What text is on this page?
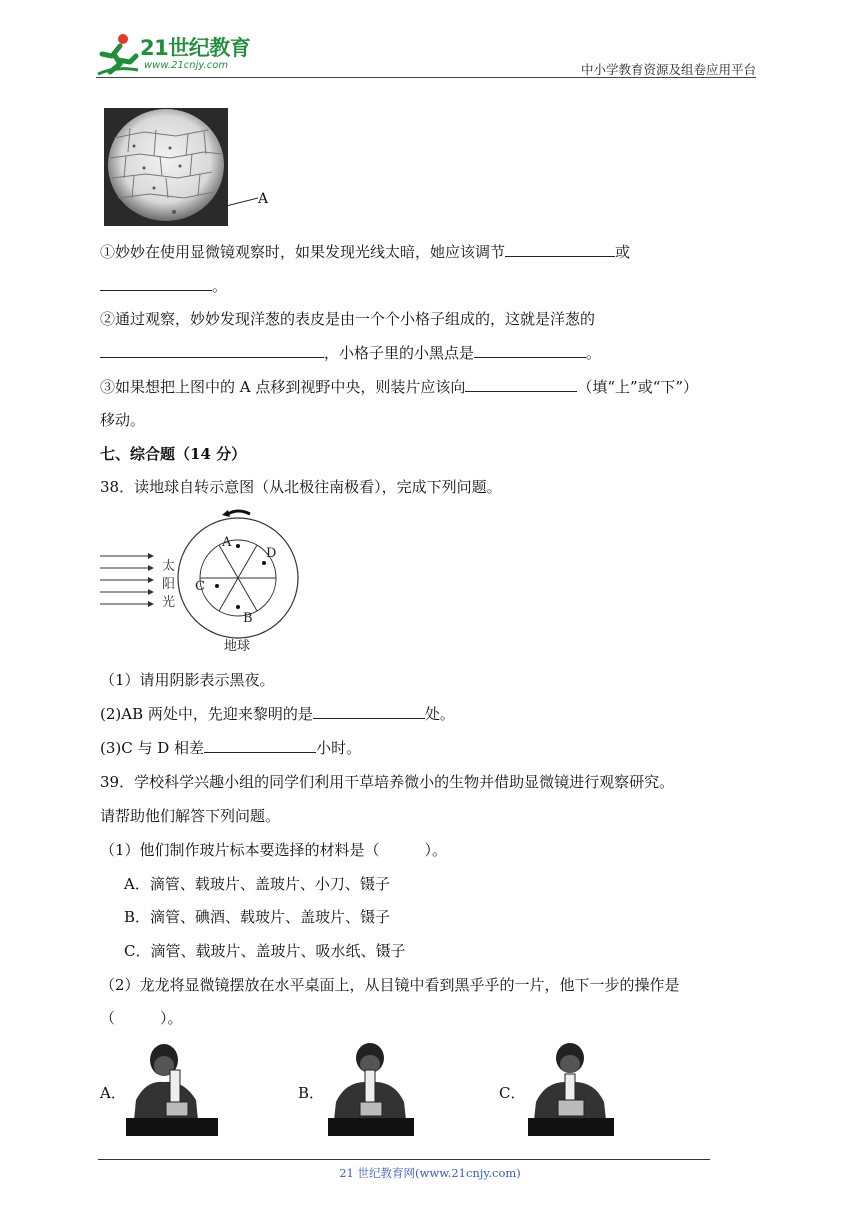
21世纪教育
www.21cnjy.com	中小学教育资源及组卷应用平台
A
①妙妙在使用显微镜观察时，如果发现光线太暗，她应该调节	或
。
②通过观察，妙妙发现洋葱的表皮是由一个个小格子组成的，这就是洋葱的
，小格子里的小黑点是	。
③如果想把上图中的 A 点移到视野中央，则装片应该向	（填“上”或“下”）
移动。
七、综合题（14 分）
38．读地球自转示意图（从北极往南极看），完成下列问题。
太
阳
光
A
B
C
D
地球
（1）请用阴影表示黑夜。
(2)AB 两处中，先迎来黎明的是	处。
(3)C 与 D 相差	小时。
39．学校科学兴趣小组的同学们利用干草培养微小的生物并借助显微镜进行观察研究。
请帮助他们解答下列问题。
（1）他们制作玻片标本要选择的材料是（　　　）。
A．滴管、载玻片、盖玻片、小刀、镊子
B．滴管、碘酒、载玻片、盖玻片、镊子
C．滴管、载玻片、盖玻片、吸水纸、镊子
（2）龙龙将显微镜摆放在水平桌面上，从目镜中看到黑乎乎的一片，他下一步的操作是
（　　　）。
A．	B．	C．
21 世纪教育网(www.21cnjy.com)
